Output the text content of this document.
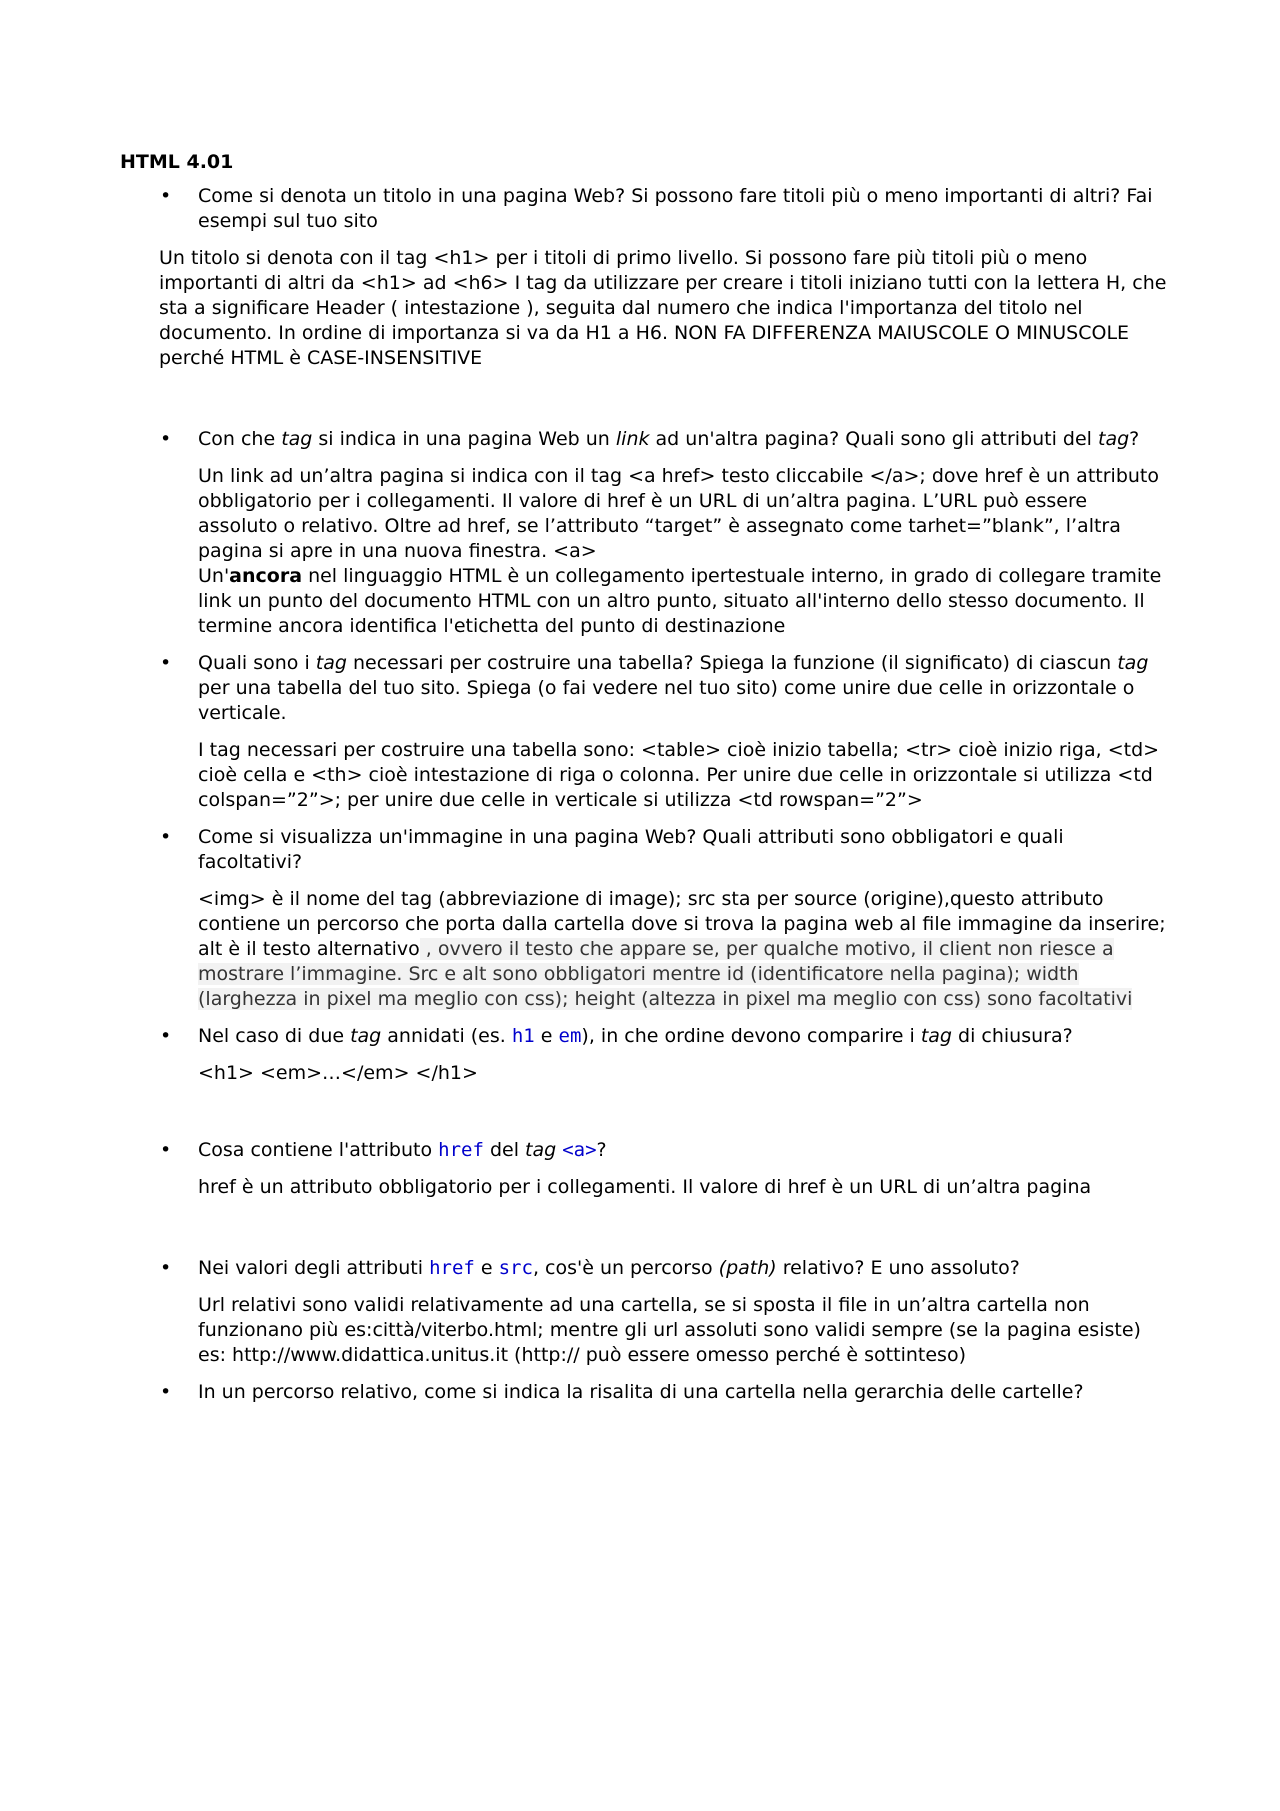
HTML 4.01
• Come si denota un titolo in una pagina Web? Si possono fare titoli più o meno importanti di altri? Fai esempi sul tuo sito

Un titolo si denota con il tag <h1> per i titoli di primo livello. Si possono fare più titoli più o meno importanti di altri da <h1> ad <h6> I tag da utilizzare per creare i titoli iniziano tutti con la lettera H, che sta a significare Header ( intestazione ), seguita dal numero che indica l'importanza del titolo nel documento. In ordine di importanza si va da H1 a H6. NON FA DIFFERENZA MAIUSCOLE O MINUSCOLE perché HTML è CASE-INSENSITIVE

• Con che tag si indica in una pagina Web un link ad un'altra pagina? Quali sono gli attributi del tag?

Un link ad un’altra pagina si indica con il tag <a href> testo cliccabile </a>; dove href è un attributo obbligatorio per i collegamenti. Il valore di href è un URL di un’altra pagina. L’URL può essere assoluto o relativo. Oltre ad href, se l’attributo “target” è assegnato come tarhet=”blank”, l’altra pagina si apre in una nuova finestra. <a>
Un'ancora nel linguaggio HTML è un collegamento ipertestuale interno, in grado di collegare tramite link un punto del documento HTML con un altro punto, situato all'interno dello stesso documento. Il termine ancora identifica l'etichetta del punto di destinazione

• Quali sono i tag necessari per costruire una tabella? Spiega la funzione (il significato) di ciascun tag per una tabella del tuo sito. Spiega (o fai vedere nel tuo sito) come unire due celle in orizzontale o verticale.

I tag necessari per costruire una tabella sono: <table> cioè inizio tabella; <tr> cioè inizio riga, <td> cioè cella e <th> cioè intestazione di riga o colonna. Per unire due celle in orizzontale si utilizza <td colspan=”2”>; per unire due celle in verticale si utilizza <td rowspan=”2”>

• Come si visualizza un'immagine in una pagina Web? Quali attributi sono obbligatori e quali facoltativi?

<img> è il nome del tag (abbreviazione di image); src sta per source (origine),questo attributo contiene un percorso che porta dalla cartella dove si trova la pagina web al file immagine da inserire; alt è il testo alternativo , ovvero il testo che appare se, per qualche motivo, il client non riesce a mostrare l’immagine. Src e alt sono obbligatori mentre id (identificatore nella pagina); width (larghezza in pixel ma meglio con css); height (altezza in pixel ma meglio con css) sono facoltativi

• Nel caso di due tag annidati (es. h1 e em), in che ordine devono comparire i tag di chiusura?

<h1> <em>…</em> </h1>

• Cosa contiene l'attributo href del tag <a>?

href è un attributo obbligatorio per i collegamenti. Il valore di href è un URL di un’altra pagina

• Nei valori degli attributi href e src, cos'è un percorso (path) relativo? E uno assoluto?

Url relativi sono validi relativamente ad una cartella, se si sposta il file in un’altra cartella non funzionano più es:città/viterbo.html; mentre gli url assoluti sono validi sempre (se la pagina esiste) es: http://www.didattica.unitus.it (http:// può essere omesso perché è sottinteso)

• In un percorso relativo, come si indica la risalita di una cartella nella gerarchia delle cartelle?
